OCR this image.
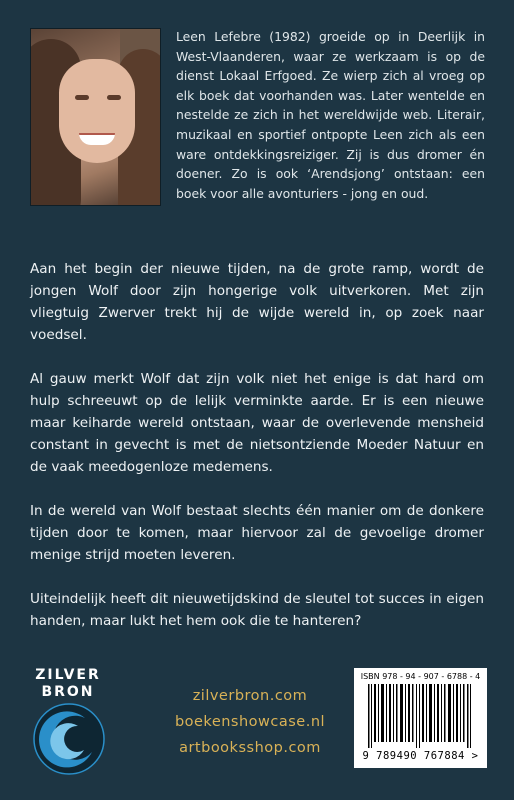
Leen Lefebre (1982) groeide op in Deerlijk in West-Vlaanderen, waar ze werkzaam is op de dienst Lokaal Erfgoed. Ze wierp zich al vroeg op elk boek dat voorhanden was. Later wentelde en nestelde ze zich in het wereldwijde web. Literair, muzikaal en sportief ontpopte Leen zich als een ware ontdekkingsreiziger. Zij is dus dromer én doener. Zo is ook ‘Arendsjong’ ontstaan: een boek voor alle avonturiers - jong en oud.

Aan het begin der nieuwe tijden, na de grote ramp, wordt de jongen Wolf door zijn hongerige volk uitverkoren. Met zijn vliegtuig Zwerver trekt hij de wijde wereld in, op zoek naar voedsel.

Al gauw merkt Wolf dat zijn volk niet het enige is dat hard om hulp schreeuwt op de lelijk verminkte aarde. Er is een nieuwe maar keiharde wereld ontstaan, waar de overlevende mensheid constant in gevecht is met de nietsontziende Moeder Natuur en de vaak meedogenloze medemens.

In de wereld van Wolf bestaat slechts één manier om de donkere tijden door te komen, maar hiervoor zal de gevoelige dromer menige strijd moeten leveren.

Uiteindelijk heeft dit nieuwetijdskind de sleutel tot succes in eigen handen, maar lukt het hem ook die te hanteren?

ZILVER
BRON	zilverbron.com
boekenshowcase.nl
artbooksshop.com
ISBN 978 - 94 - 907 - 6788 - 4
9 789490 767884 >
